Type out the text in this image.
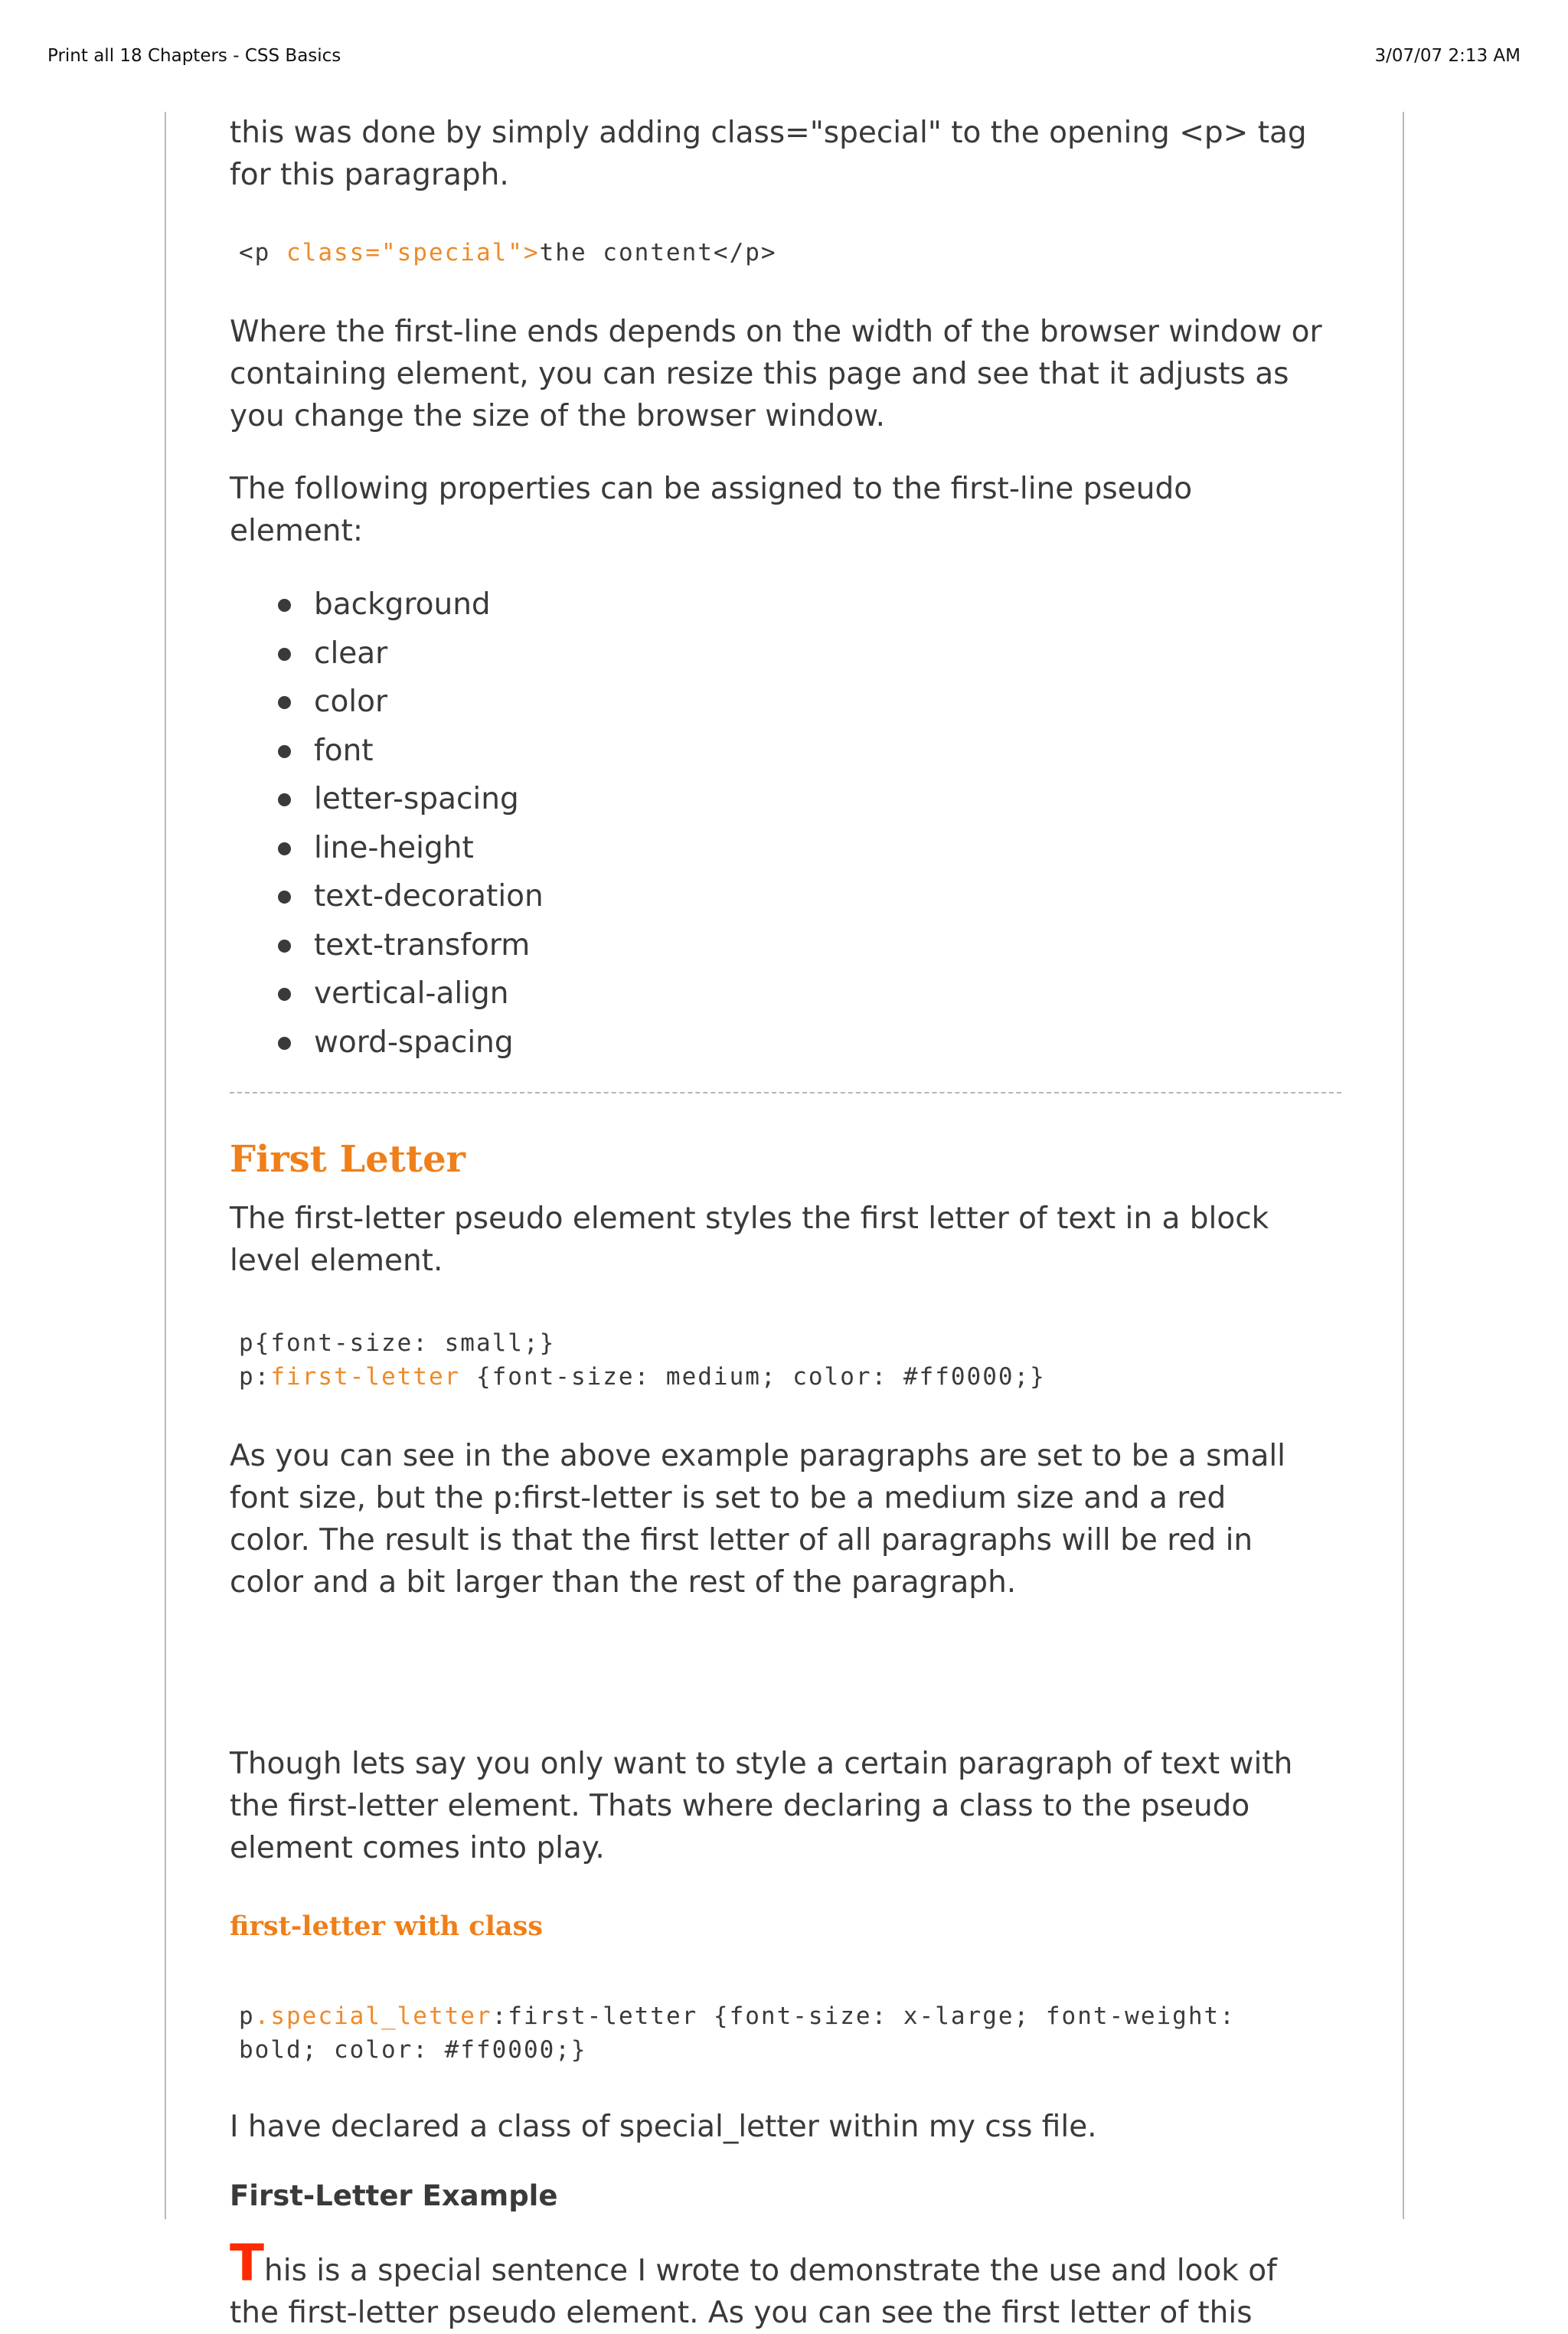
Print all 18 Chapters - CSS Basics	3/07/07 2:13 AM

this was done by simply adding class="special" to the opening <p> tag

for this paragraph.

<p class="special">the content</p>

Where the first-line ends depends on the width of the browser window or

containing element, you can resize this page and see that it adjusts as

you change the size of the browser window.

The following properties can be assigned to the first-line pseudo

element:

background
clear
color
font
letter-spacing
line-height
text-decoration
text-transform
vertical-align
word-spacing
First Letter

The first-letter pseudo element styles the first letter of text in a block

level element.

p{font-size: small;}
p:first-letter {font-size: medium; color: #ff0000;}

As you can see in the above example paragraphs are set to be a small

font size, but the p:first-letter is set to be a medium size and a red

color. The result is that the first letter of all paragraphs will be red in

color and a bit larger than the rest of the paragraph.

Though lets say you only want to style a certain paragraph of text with

the first-letter element. Thats where declaring a class to the pseudo

element comes into play.

first-letter with class
p.special_letter:first-letter {font-size: x-large; font-weight:
bold; color: #ff0000;}

I have declared a class of special_letter within my css file.

First-Letter Example

This is a special sentence I wrote to demonstrate the use and look of

the first-letter pseudo element. As you can see the first letter of this
